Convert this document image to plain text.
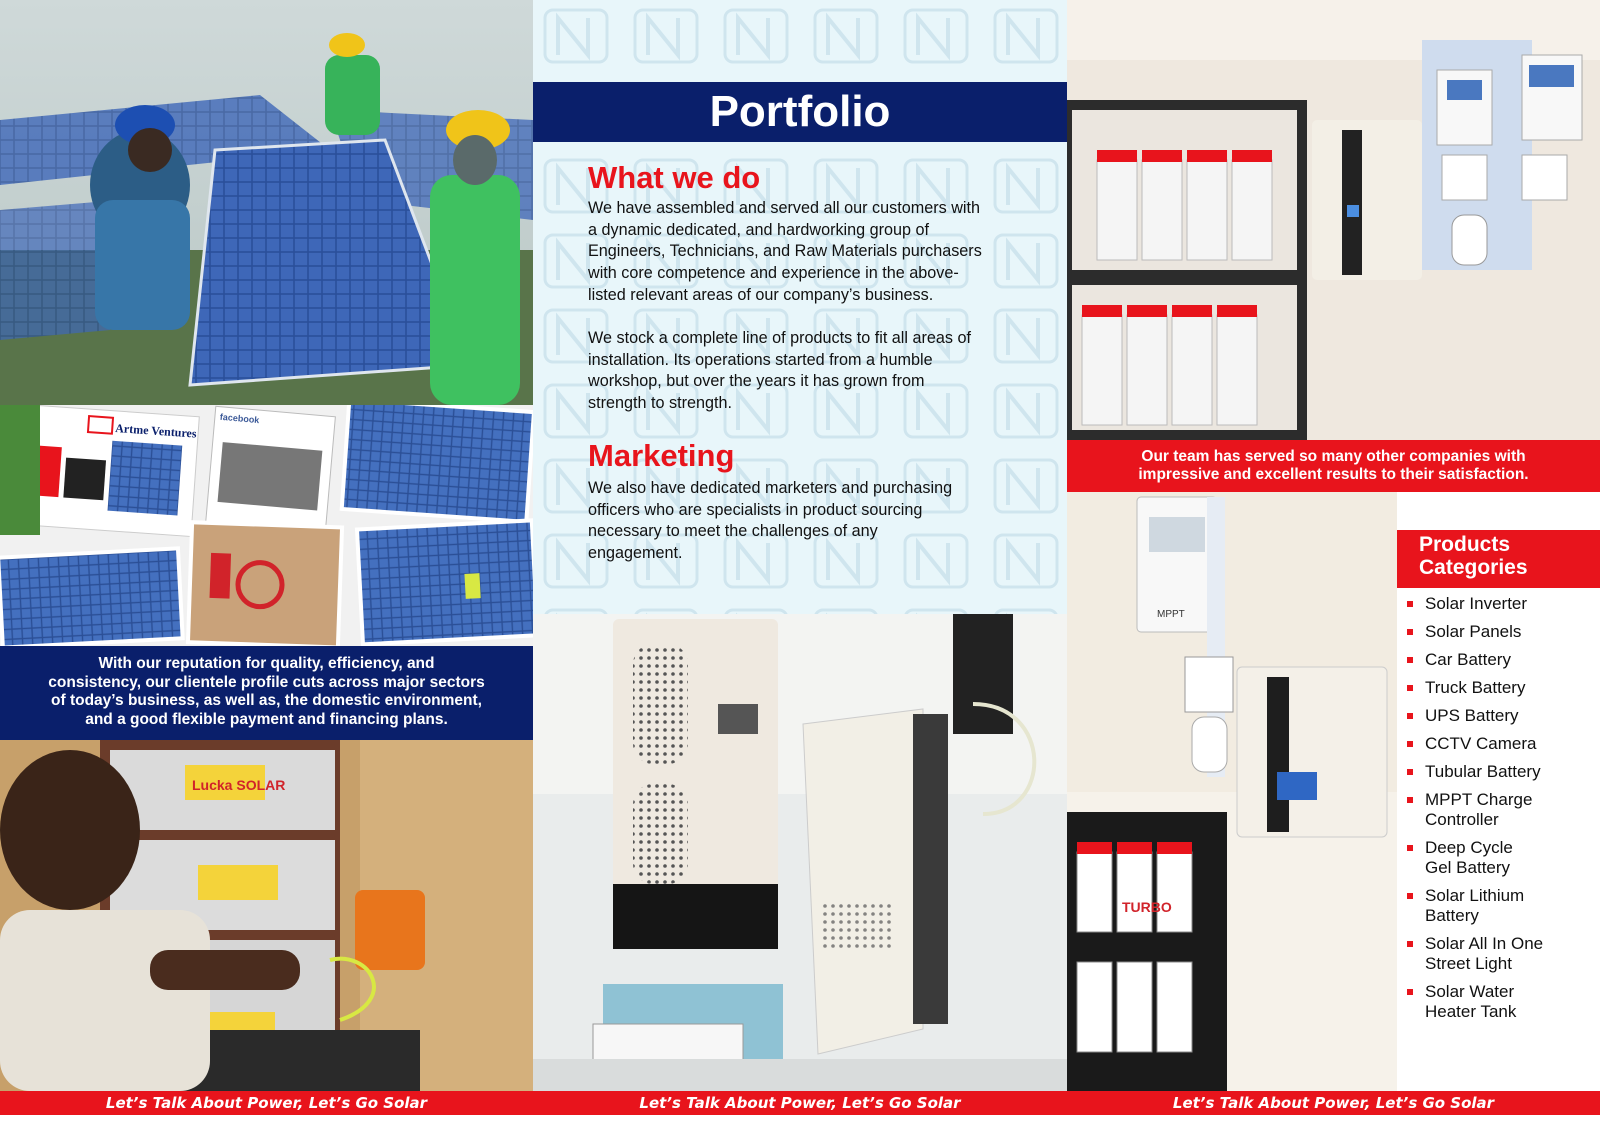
Artme Ventures
facebook
With our reputation for quality, efficiency, and
consistency, our clientele profile cuts across major sectors
of today’s business, as well as, the domestic environment,
and a good flexible payment and financing plans.
Lucka SOLAR
Let’s Talk About Power, Let’s Go Solar
Portfolio
What we do
We have assembled and served all our customers with
a dynamic dedicated, and hardworking group of
Engineers, Technicians, and Raw Materials purchasers
with core competence and experience in the above-
listed relevant areas of our company’s business.
We stock a complete line of products to fit all areas of
installation. Its operations started from a humble
workshop, but over the years it has grown from
strength to strength.
Marketing
We also have dedicated marketers and purchasing
officers who are specialists in product sourcing
necessary to meet the challenges of any
engagement.
Let’s Talk About Power, Let’s Go Solar
Our team has served so many other companies with
impressive and excellent results to their satisfaction.
MPPT
TURBO
Products
Categories
Solar Inverter
Solar Panels
Car Battery
Truck Battery
UPS Battery
CCTV Camera
Tubular Battery
MPPT Charge
Controller
Deep Cycle
Gel Battery
Solar Lithium
Battery
Solar All In One
Street Light
Solar Water
Heater Tank
Let’s Talk About Power, Let’s Go Solar
